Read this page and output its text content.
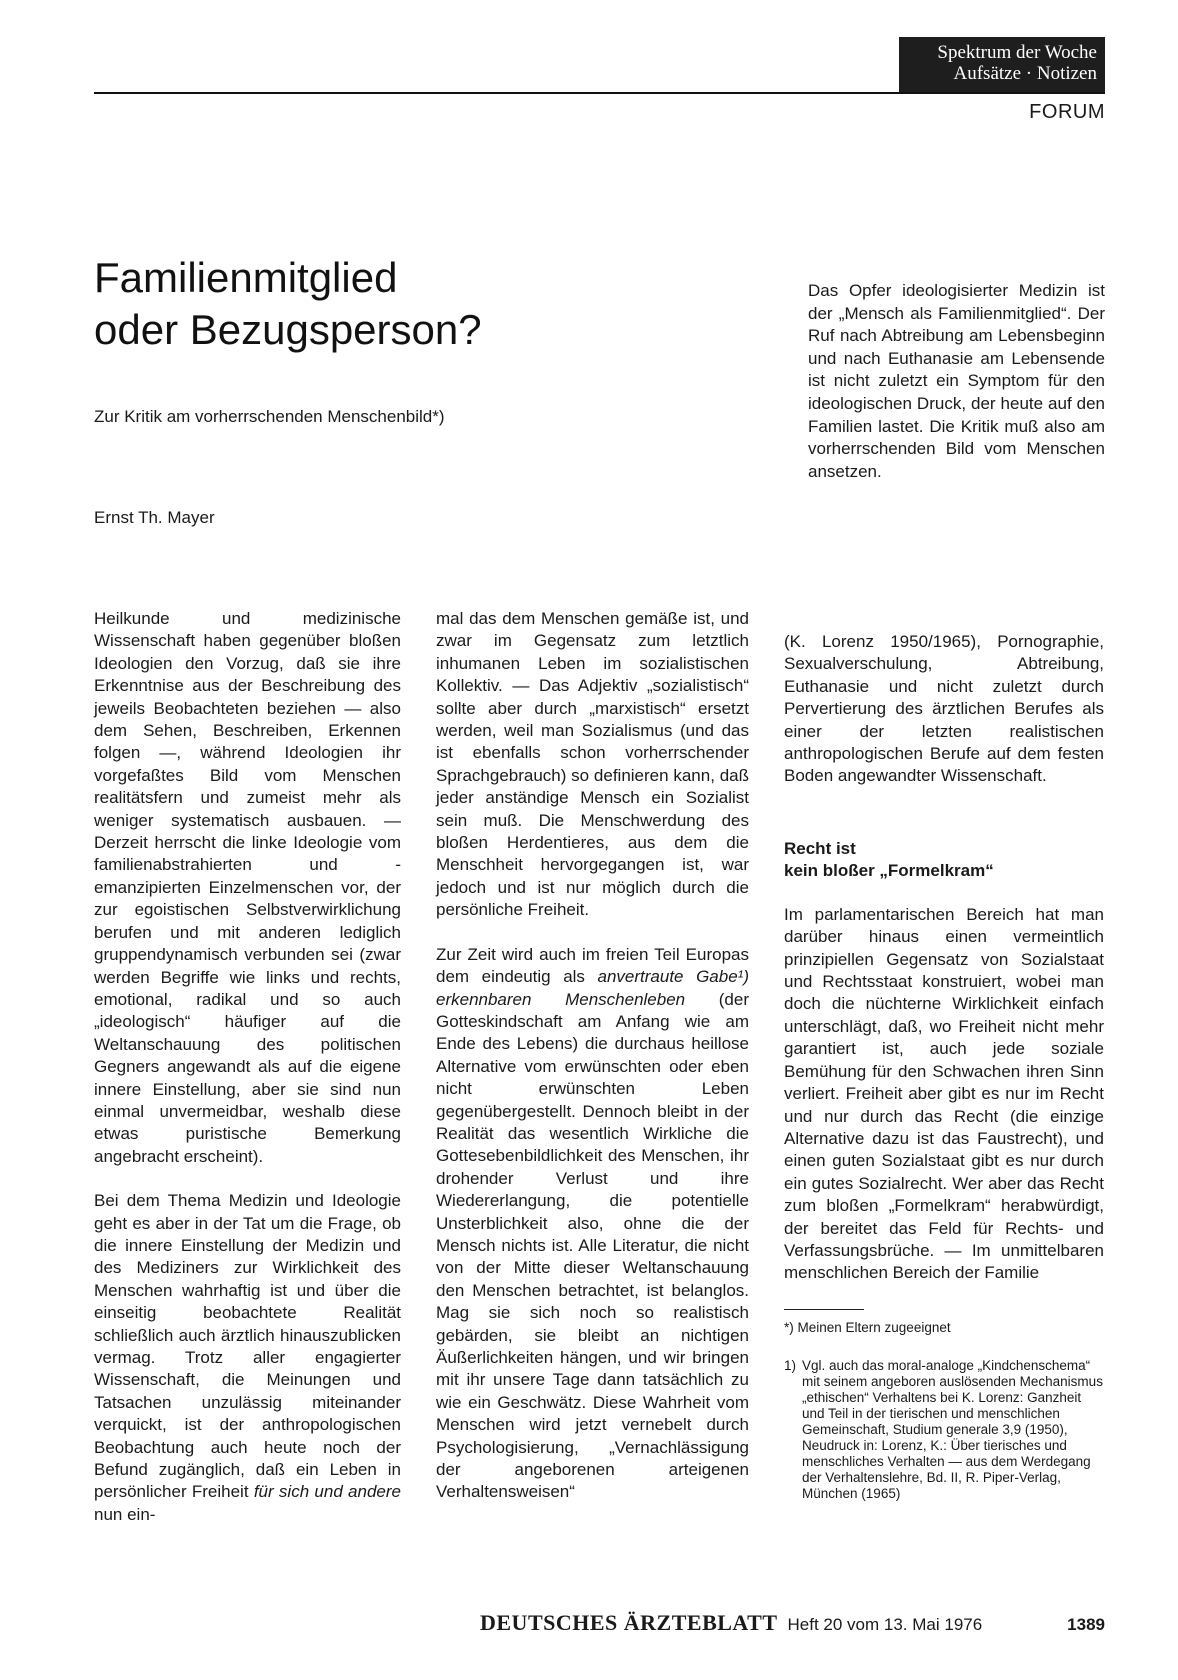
Spektrum der Woche
Aufsätze · Notizen
FORUM
Familienmitglied
oder Bezugsperson?
Zur Kritik am vorherrschenden Menschenbild*)
Ernst Th. Mayer
Das Opfer ideologisierter Medizin ist der „Mensch als Familienmitglied“. Der Ruf nach Abtreibung am Lebensbeginn und nach Euthanasie am Lebensende ist nicht zuletzt ein Symptom für den ideologischen Druck, der heute auf den Familien lastet. Die Kritik muß also am vorherrschenden Bild vom Menschen ansetzen.

Heilkunde und medizinische Wissenschaft haben gegenüber bloßen Ideologien den Vorzug, daß sie ihre Erkenntnise aus der Beschreibung des jeweils Beobachteten beziehen — also dem Sehen, Beschreiben, Erkennen folgen —, während Ideologien ihr vorgefaßtes Bild vom Menschen realitätsfern und zumeist mehr als weniger systematisch ausbauen. — Derzeit herrscht die linke Ideologie vom familienabstrahierten und -emanzipierten Einzelmenschen vor, der zur egoistischen Selbstverwirklichung berufen und mit anderen lediglich gruppendynamisch verbunden sei (zwar werden Begriffe wie links und rechts, emotional, radikal und so auch „ideologisch“ häufiger auf die Weltanschauung des politischen Gegners angewandt als auf die eigene innere Einstellung, aber sie sind nun einmal unvermeidbar, weshalb diese etwas puristische Bemerkung angebracht erscheint).

Bei dem Thema Medizin und Ideologie geht es aber in der Tat um die Frage, ob die innere Einstellung der Medizin und des Mediziners zur Wirklichkeit des Menschen wahrhaftig ist und über die einseitig beobachtete Realität schließlich auch ärztlich hinauszublicken vermag. Trotz aller engagierter Wissenschaft, die Meinungen und Tatsachen unzulässig miteinander verquickt, ist der anthropologischen Beobachtung auch heute noch der Befund zugänglich, daß ein Leben in persönlicher Freiheit für sich und andere nun ein-

mal das dem Menschen gemäße ist, und zwar im Gegensatz zum letztlich inhumanen Leben im sozialistischen Kollektiv. — Das Adjektiv „sozialistisch“ sollte aber durch „marxistisch“ ersetzt werden, weil man Sozialismus (und das ist ebenfalls schon vorherrschender Sprachgebrauch) so definieren kann, daß jeder anständige Mensch ein Sozialist sein muß. Die Menschwerdung des bloßen Herdentieres, aus dem die Menschheit hervorgegangen ist, war jedoch und ist nur möglich durch die persönliche Freiheit.

Zur Zeit wird auch im freien Teil Europas dem eindeutig als anvertraute Gabe¹) erkennbaren Menschenleben (der Gotteskindschaft am Anfang wie am Ende des Lebens) die durchaus heillose Alternative vom erwünschten oder eben nicht erwünschten Leben gegenübergestellt. Dennoch bleibt in der Realität das wesentlich Wirkliche die Gottesebenbildlichkeit des Menschen, ihr drohender Verlust und ihre Wiedererlangung, die potentielle Unsterblichkeit also, ohne die der Mensch nichts ist. Alle Literatur, die nicht von der Mitte dieser Weltanschauung den Menschen betrachtet, ist belanglos. Mag sie sich noch so realistisch gebärden, sie bleibt an nichtigen Äußerlichkeiten hängen, und wir bringen mit ihr unsere Tage dann tatsächlich zu wie ein Geschwätz. Diese Wahrheit vom Menschen wird jetzt vernebelt durch Psychologisierung, „Vernachlässigung der angeborenen arteigenen Verhaltensweisen“

(K. Lorenz 1950/1965), Pornographie, Sexualverschulung, Abtreibung, Euthanasie und nicht zuletzt durch Pervertierung des ärztlichen Berufes als einer der letzten realistischen anthropologischen Berufe auf dem festen Boden angewandter Wissenschaft.

Recht ist
kein bloßer „Formelkram“

Im parlamentarischen Bereich hat man darüber hinaus einen vermeintlich prinzipiellen Gegensatz von Sozialstaat und Rechtsstaat konstruiert, wobei man doch die nüchterne Wirklichkeit einfach unterschlägt, daß, wo Freiheit nicht mehr garantiert ist, auch jede soziale Bemühung für den Schwachen ihren Sinn verliert. Freiheit aber gibt es nur im Recht und nur durch das Recht (die einzige Alternative dazu ist das Faustrecht), und einen guten Sozialstaat gibt es nur durch ein gutes Sozialrecht. Wer aber das Recht zum bloßen „Formelkram“ herabwürdigt, der bereitet das Feld für Rechts- und Verfassungsbrüche. — Im unmittelbaren menschlichen Bereich der Familie

*) Meinen Eltern zugeeignet

1) Vgl. auch das moral-analoge „Kindchenschema“ mit seinem angeboren auslösenden Mechanismus „ethischen“ Verhaltens bei K. Lorenz: Ganzheit und Teil in der tierischen und menschlichen Gemeinschaft, Studium generale 3,9 (1950), Neudruck in: Lorenz, K.: Über tierisches und menschliches Verhalten — aus dem Werdegang der Verhaltenslehre, Bd. II, R. Piper-Verlag, München (1965)
DEUTSCHES ÄRZTEBLATT Heft 20 vom 13. Mai 1976	1389
